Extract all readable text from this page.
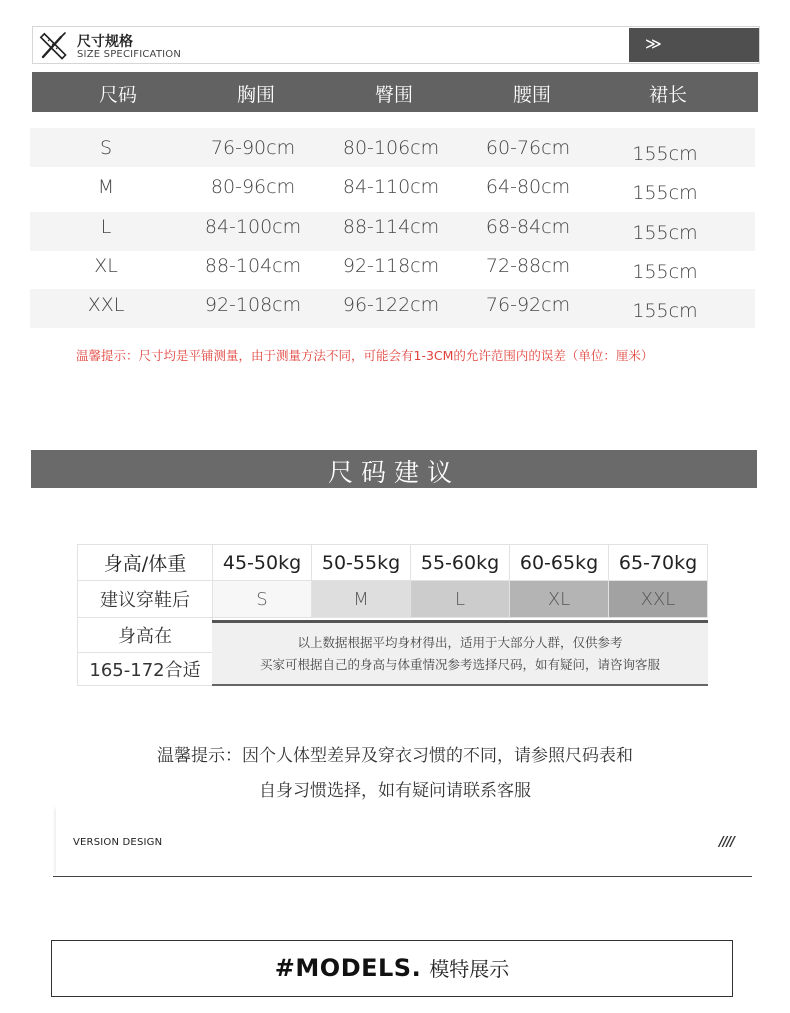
尺寸规格
SIZE SPECIFICATION
≫
尺码	胸围	臀围	腰围	裙长
S	76-90cm	80-106cm 60-76cm	155cm
M	80-96cm	84-110cm 64-80cm	155cm
L	84-100cm 88-114cm 68-84cm	155cm
XL	88-104cm 92-118cm 72-88cm	155cm
XXL	92-108cm 96-122cm 76-92cm	155cm
温馨提示：尺寸均是平铺测量，由于测量方法不同，可能会有1-3CM的允许范围内的误差（单位：厘米）
尺码建议
身高/体重	45-50kg	50-55kg	55-60kg	60-65kg	65-70kg
建议穿鞋后	S	M	L	XL	XXL
身高在
165-172合适
以上数据根据平均身材得出，适用于大部分人群，仅供参考
买家可根据自己的身高与体重情况参考选择尺码，如有疑问，请咨询客服
温馨提示：因个人体型差异及穿衣习惯的不同，请参照尺码表和
自身习惯选择，如有疑问请联系客服
VERSION DESIGN	////
#MODELS. 模特展示
